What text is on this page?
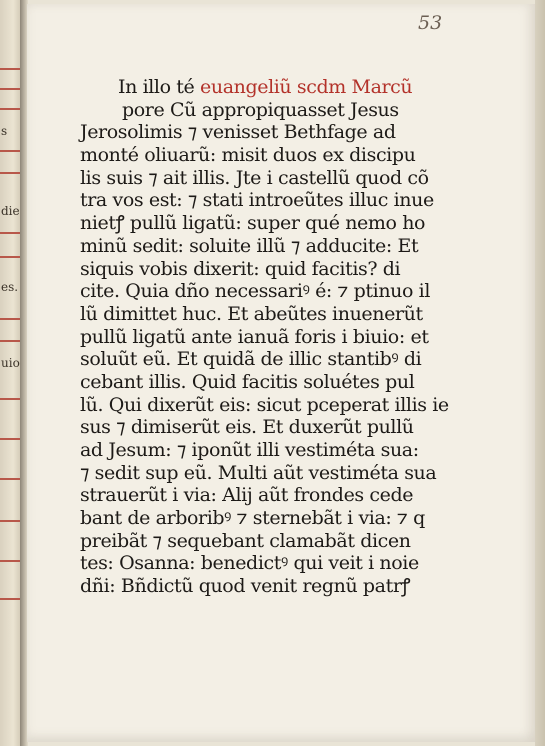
s
die
es.
uio
53
In illo té euangeliũ scdm Marcũ
pore Cũ appropiquasset Jesus
Jerosolimis ⁊ venisset Bethfage ad
monté oliuarũ: misit duos ex discipu
lis suis ⁊ ait illis. Jte i castellũ quod cõ
tra vos est: ⁊ stati introeũtes illuc inue
nietꝭ pullũ ligatũ: super qué nemo ho
minũ sedit: soluite illũ ⁊ adducite: Et
siquis vobis dixerit: quid facitis? di
cite. Quia dño necessariꝰ é: ⁊ ptinuo il
lũ dimittet huc. Et abeũtes inuenerũt
pullũ ligatũ ante ianuã foris i biuio: et
soluũt eũ. Et quidã de illic stantibꝰ di
cebant illis. Quid facitis soluétes pul
lũ. Qui dixerũt eis: sicut pceperat illis ie
sus ⁊ dimiserũt eis. Et duxerũt pullũ
ad Jesum: ⁊ iponũt illi vestiméta sua:
⁊ sedit sup eũ. Multi aũt vestiméta sua
strauerũt i via: Alij aũt frondes cede
bant de arboribꝰ ⁊ sternebãt i via: ⁊ q
preibãt ⁊ sequebant clamabãt dicen
tes: Osanna: benedictꝰ qui veit i noie
dñi: Bñdictũ quod venit regnũ patrꝭ
